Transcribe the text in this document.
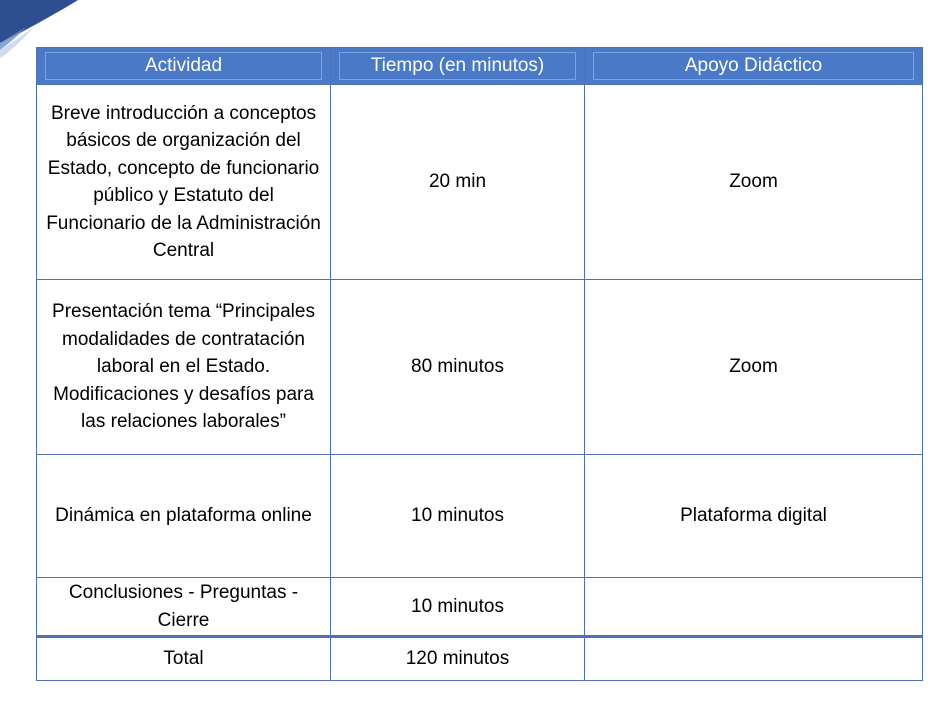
Actividad	Tiempo (en minutos)	Apoyo Didáctico

Breve introducción a conceptos básicos de organización del Estado, concepto de funcionario público y Estatuto del Funcionario de la Administración Central	20 min	Zoom
Presentación tema “Principales modalidades de contratación laboral en el Estado. Modificaciones y desafíos para las relaciones laborales”	80 minutos	Zoom
Dinámica en plataforma online	10 minutos	Plataforma digital
Conclusiones - Preguntas - Cierre	10 minutos	
Total	120 minutos	
